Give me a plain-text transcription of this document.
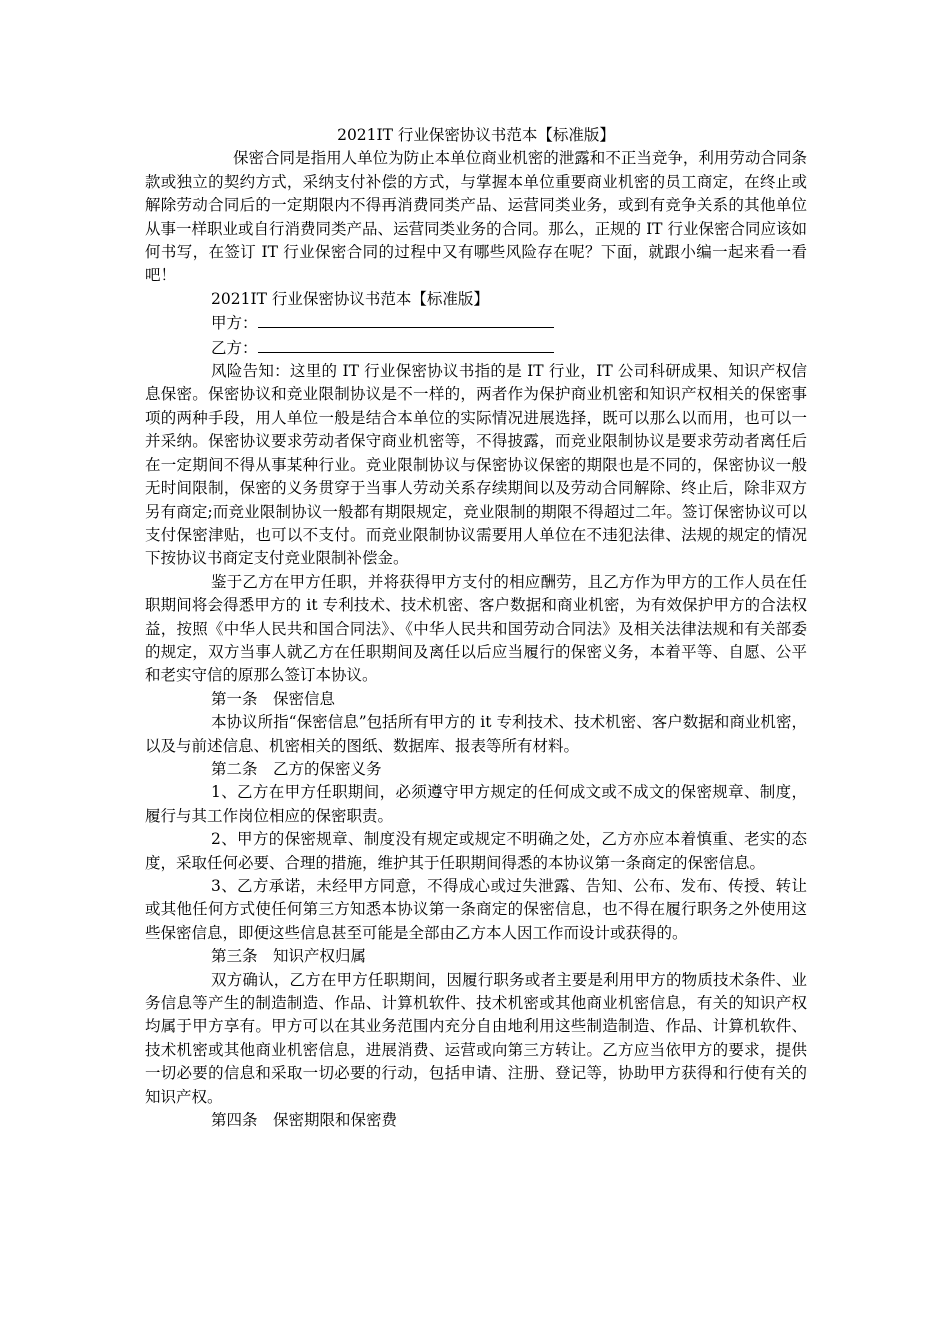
2021IT 行业保密协议书范本【标准版】

保密合同是指用人单位为防止本单位商业机密的泄露和不正当竞争，利用劳动合同条款或独立的契约方式，采纳支付补偿的方式，与掌握本单位重要商业机密的员工商定，在终止或解除劳动合同后的一定期限内不得再消费同类产品、运营同类业务，或到有竞争关系的其他单位从事一样职业或自行消费同类产品、运营同类业务的合同。那么，正规的 IT 行业保密合同应该如何书写，在签订 IT 行业保密合同的过程中又有哪些风险存在呢？下面，就跟小编一起来看一看吧！

2021IT 行业保密协议书范本【标准版】

甲方：

乙方：

风险告知：这里的 IT 行业保密协议书指的是 IT 行业，IT 公司科研成果、知识产权信息保密。保密协议和竞业限制协议是不一样的，两者作为保护商业机密和知识产权相关的保密事项的两种手段，用人单位一般是结合本单位的实际情况进展选择，既可以那么以而用，也可以一并采纳。保密协议要求劳动者保守商业机密等，不得披露，而竞业限制协议是要求劳动者离任后在一定期间不得从事某种行业。竞业限制协议与保密协议保密的期限也是不同的，保密协议一般无时间限制，保密的义务贯穿于当事人劳动关系存续期间以及劳动合同解除、终止后，除非双方另有商定;而竞业限制协议一般都有期限规定，竞业限制的期限不得超过二年。签订保密协议可以支付保密津贴，也可以不支付。而竞业限制协议需要用人单位在不违犯法律、法规的规定的情况下按协议书商定支付竞业限制补偿金。

鉴于乙方在甲方任职，并将获得甲方支付的相应酬劳，且乙方作为甲方的工作人员在任职期间将会得悉甲方的 it 专利技术、技术机密、客户数据和商业机密，为有效保护甲方的合法权益，按照《中华人民共和国合同法》、《中华人民共和国劳动合同法》及相关法律法规和有关部委的规定，双方当事人就乙方在任职期间及离任以后应当履行的保密义务，本着平等、自愿、公平和老实守信的原那么签订本协议。

第一条　保密信息

本协议所指“保密信息”包括所有甲方的 it 专利技术、技术机密、客户数据和商业机密，以及与前述信息、机密相关的图纸、数据库、报表等所有材料。

第二条　乙方的保密义务

1、乙方在甲方任职期间，必须遵守甲方规定的任何成文或不成文的保密规章、制度，履行与其工作岗位相应的保密职责。

2、甲方的保密规章、制度没有规定或规定不明确之处，乙方亦应本着慎重、老实的态度，采取任何必要、合理的措施，维护其于任职期间得悉的本协议第一条商定的保密信息。

3、乙方承诺，未经甲方同意，不得成心或过失泄露、告知、公布、发布、传授、转让或其他任何方式使任何第三方知悉本协议第一条商定的保密信息，也不得在履行职务之外使用这些保密信息，即便这些信息甚至可能是全部由乙方本人因工作而设计或获得的。

第三条　知识产权归属

双方确认，乙方在甲方任职期间，因履行职务或者主要是利用甲方的物质技术条件、业务信息等产生的制造制造、作品、计算机软件、技术机密或其他商业机密信息，有关的知识产权均属于甲方享有。甲方可以在其业务范围内充分自由地利用这些制造制造、作品、计算机软件、技术机密或其他商业机密信息，进展消费、运营或向第三方转让。乙方应当依甲方的要求，提供一切必要的信息和采取一切必要的行动，包括申请、注册、登记等，协助甲方获得和行使有关的知识产权。

第四条　保密期限和保密费
